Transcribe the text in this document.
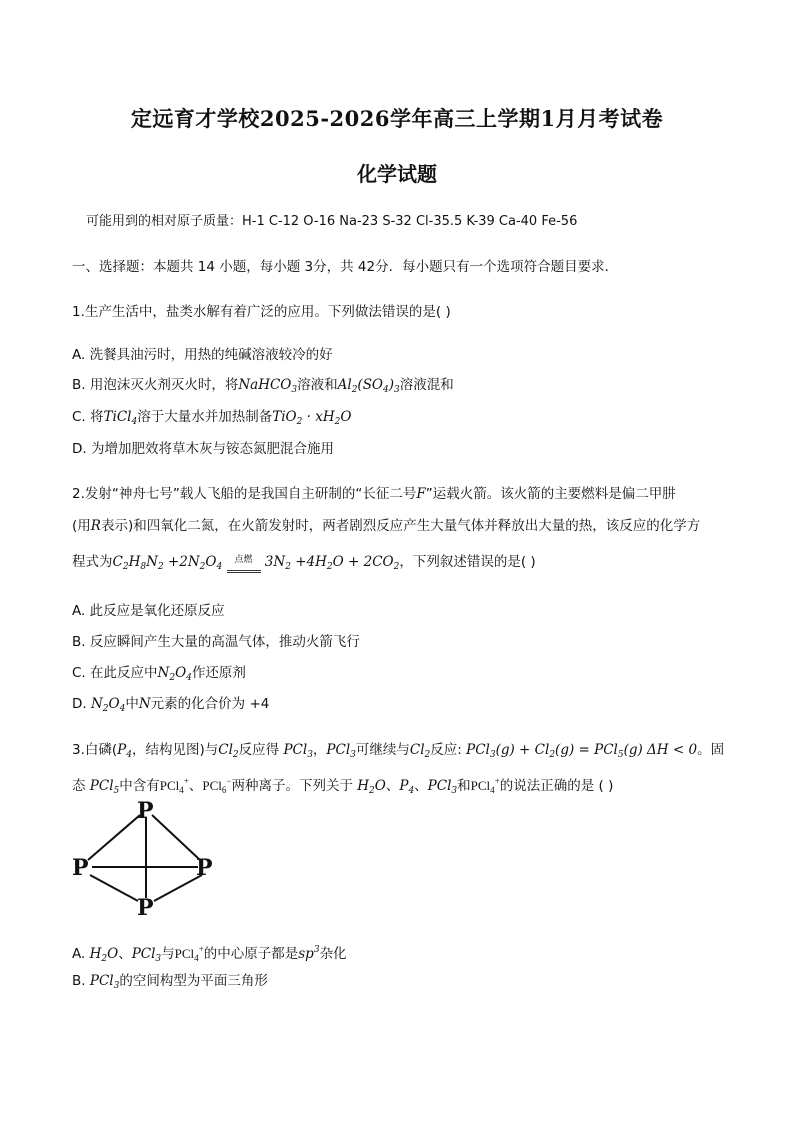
定远育才学校2025-2026学年高三上学期1月月考试卷
化学试题
可能用到的相对原子质量：H-1 C-12 O-16 Na-23 S-32 Cl-35.5 K-39 Ca-40 Fe-56
一、选择题：本题共 14 小题，每小题 3分，共 42分．每小题只有一个选项符合题目要求．
1.生产生活中，盐类水解有着广泛的应用。下列做法错误的是( )
A. 洗餐具油污时，用热的纯碱溶液较冷的好
B. 用泡沫灭火剂灭火时，将NaHCO$_3$溶液和$Al_2(SO_4)_3$溶液混和
C. 将TiCl$_4$溶于大量水并加热制备$TiO_2 \cdot xH_2O$
D. 为增加肥效将草木灰与铵态氮肥混合施用
2.发射“神舟七号”载人飞船的是我国自主研制的“长征二号F”运载火箭。该火箭的主要燃料是偏二甲肼
(用R表示)和四氧化二氮，在火箭发射时，两者剧烈反应产生大量气体并释放出大量的热，该反应的化学方
程式为$C_2H_8N_2 +2N_2O_4$ 点燃 $3N_2 +4H_2O + 2CO_2$，下列叙述错误的是( )
A. 此反应是氧化还原反应
B. 反应瞬间产生大量的高温气体，推动火箭飞行
C. 在此反应中$N_2O_4$作还原剂
D. $N_2O_4$中N元素的化合价为 +4
3.白磷($P_4$，结构见图)与$Cl_2$反应得 PCl$_3$，PCl$_3$可继续与$Cl_2$反应: $PCl_3(g) + Cl_2(g) = PCl_5(g) \Delta H < 0$。固
态 PCl$_5$中含有PCl$_4$+、PCl$_6$−两种离子。下列关于 $H_2O$、$P_4$、PCl$_3$和PCl$_4$+的说法正确的是 ( )
P
P	P
P
A. $H_2O$、PCl$_3$与PCl$_4$+的中心原子都是$sp^3$杂化
B. PCl$_3$的空间构型为平面三角形
